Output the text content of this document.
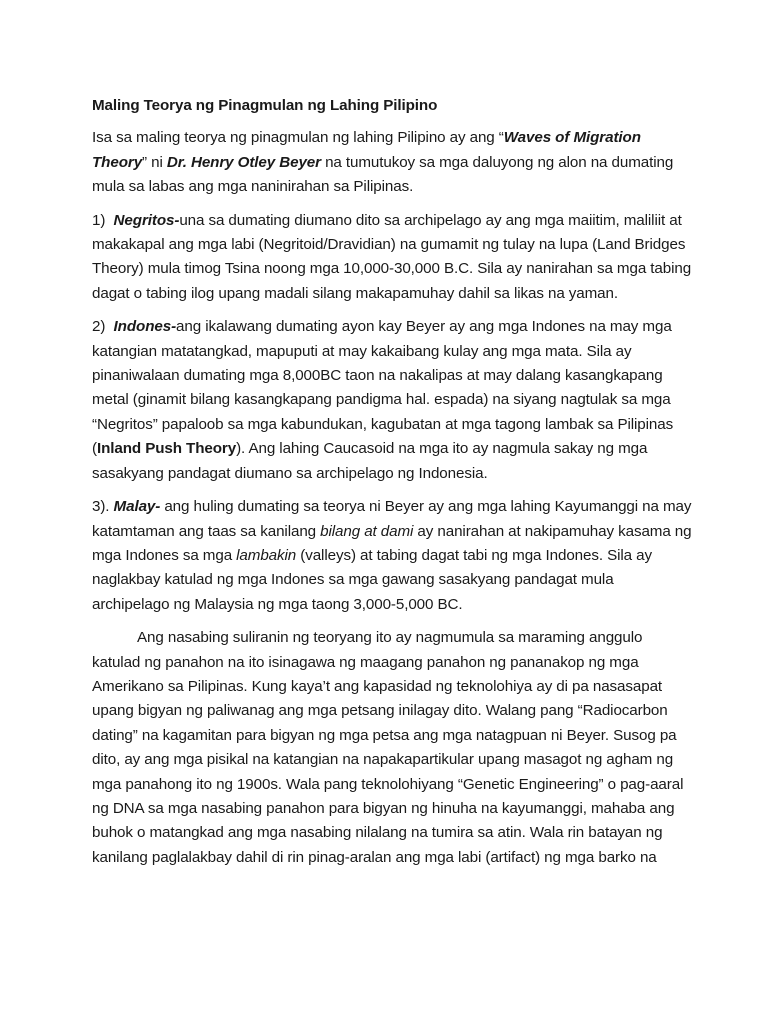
Maling Teorya ng Pinagmulan ng Lahing Pilipino

Isa sa maling teorya ng pinagmulan ng lahing Pilipino ay ang “Waves of Migration Theory” ni Dr. Henry Otley Beyer na tumutukoy sa mga daluyong ng alon na dumating mula sa labas ang mga naninirahan sa Pilipinas.

1)  Negritos-una sa dumating diumano dito sa archipelago ay ang mga maiitim, maliliit at makakapal ang mga labi (Negritoid/Dravidian) na gumamit ng tulay na lupa (Land Bridges Theory) mula timog Tsina noong mga 10,000-30,000 B.C. Sila ay nanirahan sa mga tabing dagat o tabing ilog upang madali silang makapamuhay dahil sa likas na yaman.

2)  Indones-ang ikalawang dumating ayon kay Beyer ay ang mga Indones na may mga katangian matatangkad, mapuputi at may kakaibang kulay ang mga mata. Sila ay pinaniwalaan dumating mga 8,000BC taon na nakalipas at may dalang kasangkapang metal (ginamit bilang kasangkapang pandigma hal. espada) na siyang nagtulak sa mga “Negritos” papaloob sa mga kabundukan, kagubatan at mga tagong lambak sa Pilipinas (Inland Push Theory). Ang lahing Caucasoid na mga ito ay nagmula sakay ng mga sasakyang pandagat diumano sa archipelago ng Indonesia.

3). Malay- ang huling dumating sa teorya ni Beyer ay ang mga lahing Kayumanggi na may katamtaman ang taas sa kanilang bilang at dami ay nanirahan at nakipamuhay kasama ng mga Indones sa mga lambakin (valleys) at tabing dagat tabi ng mga Indones. Sila ay naglakbay katulad ng mga Indones sa mga gawang sasakyang pandagat mula archipelago ng Malaysia ng mga taong 3,000-5,000 BC.

Ang nasabing suliranin ng teoryang ito ay nagmumula sa maraming anggulo katulad ng panahon na ito isinagawa ng maagang panahon ng pananakop ng mga Amerikano sa Pilipinas. Kung kaya’t ang kapasidad ng teknolohiya ay di pa nasasapat upang bigyan ng paliwanag ang mga petsang inilagay dito. Walang pang “Radiocarbon dating” na kagamitan para bigyan ng mga petsa ang mga natagpuan ni Beyer. Susog pa dito, ay ang mga pisikal na katangian na napakapartikular upang masagot ng agham ng mga panahong ito ng 1900s. Wala pang teknolohiyang “Genetic Engineering” o pag-aaral ng DNA sa mga nasabing panahon para bigyan ng hinuha na kayumanggi, mahaba ang buhok o matangkad ang mga nasabing nilalang na tumira sa atin. Wala rin batayan ng kanilang paglalakbay dahil di rin pinag-aralan ang mga labi (artifact) ng mga barko na
